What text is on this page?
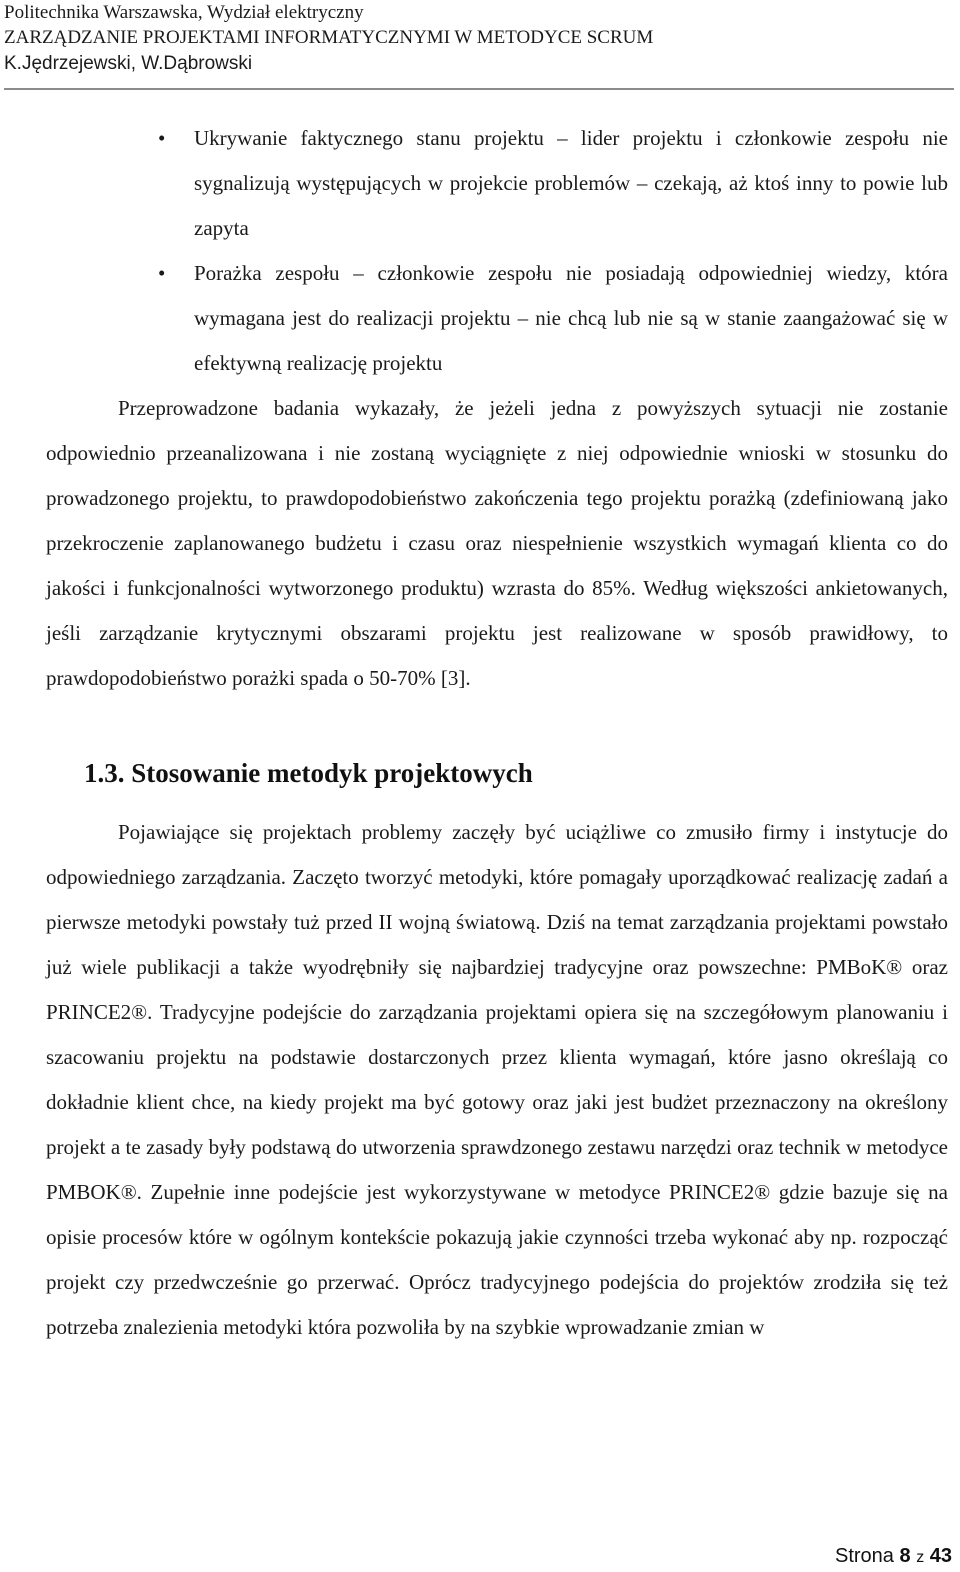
Politechnika Warszawska, Wydział elektryczny
ZARZĄDZANIE PROJEKTAMI INFORMATYCZNYMI W METODYCE SCRUM
K.Jędrzejewski, W.Dąbrowski
• Ukrywanie faktycznego stanu projektu – lider projektu i członkowie zespołu nie sygnalizują występujących w projekcie problemów – czekają, aż ktoś inny to powie lub zapyta
• Porażka zespołu – członkowie zespołu nie posiadają odpowiedniej wiedzy, która wymagana jest do realizacji projektu – nie chcą lub nie są w stanie zaangażować się w efektywną realizację projektu

Przeprowadzone badania wykazały, że jeżeli jedna z powyższych sytuacji nie zostanie odpowiednio przeanalizowana i nie zostaną wyciągnięte z niej odpowiednie wnioski w stosunku do prowadzonego projektu, to prawdopodobieństwo zakończenia tego projektu porażką (zdefiniowaną jako przekroczenie zaplanowanego budżetu i czasu oraz niespełnienie wszystkich wymagań klienta co do jakości i funkcjonalności wytworzonego produktu) wzrasta do 85%. Według większości ankietowanych, jeśli zarządzanie krytycznymi obszarami projektu jest realizowane w sposób prawidłowy, to prawdopodobieństwo porażki spada o 50-70% [3].

1.3. Stosowanie metodyk projektowych

Pojawiające się projektach problemy zaczęły być uciążliwe co zmusiło firmy i instytucje do odpowiedniego zarządzania. Zaczęto tworzyć metodyki, które pomagały uporządkować realizację zadań a pierwsze metodyki powstały tuż przed II wojną światową. Dziś na temat zarządzania projektami powstało już wiele publikacji a także wyodrębniły się najbardziej tradycyjne oraz powszechne: PMBoK® oraz PRINCE2®. Tradycyjne podejście do zarządzania projektami opiera się na szczegółowym planowaniu i szacowaniu projektu na podstawie dostarczonych przez klienta wymagań, które jasno określają co dokładnie klient chce, na kiedy projekt ma być gotowy oraz jaki jest budżet przeznaczony na określony projekt a te zasady były podstawą do utworzenia sprawdzonego zestawu narzędzi oraz technik w metodyce PMBOK®. Zupełnie inne podejście jest wykorzystywane w metodyce PRINCE2® gdzie bazuje się na opisie procesów które w ogólnym kontekście pokazują jakie czynności trzeba wykonać aby np. rozpocząć projekt czy przedwcześnie go przerwać. Oprócz tradycyjnego podejścia do projektów zrodziła się też potrzeba znalezienia metodyki która pozwoliła by na szybkie wprowadzanie zmian w

Strona 8 z 43
